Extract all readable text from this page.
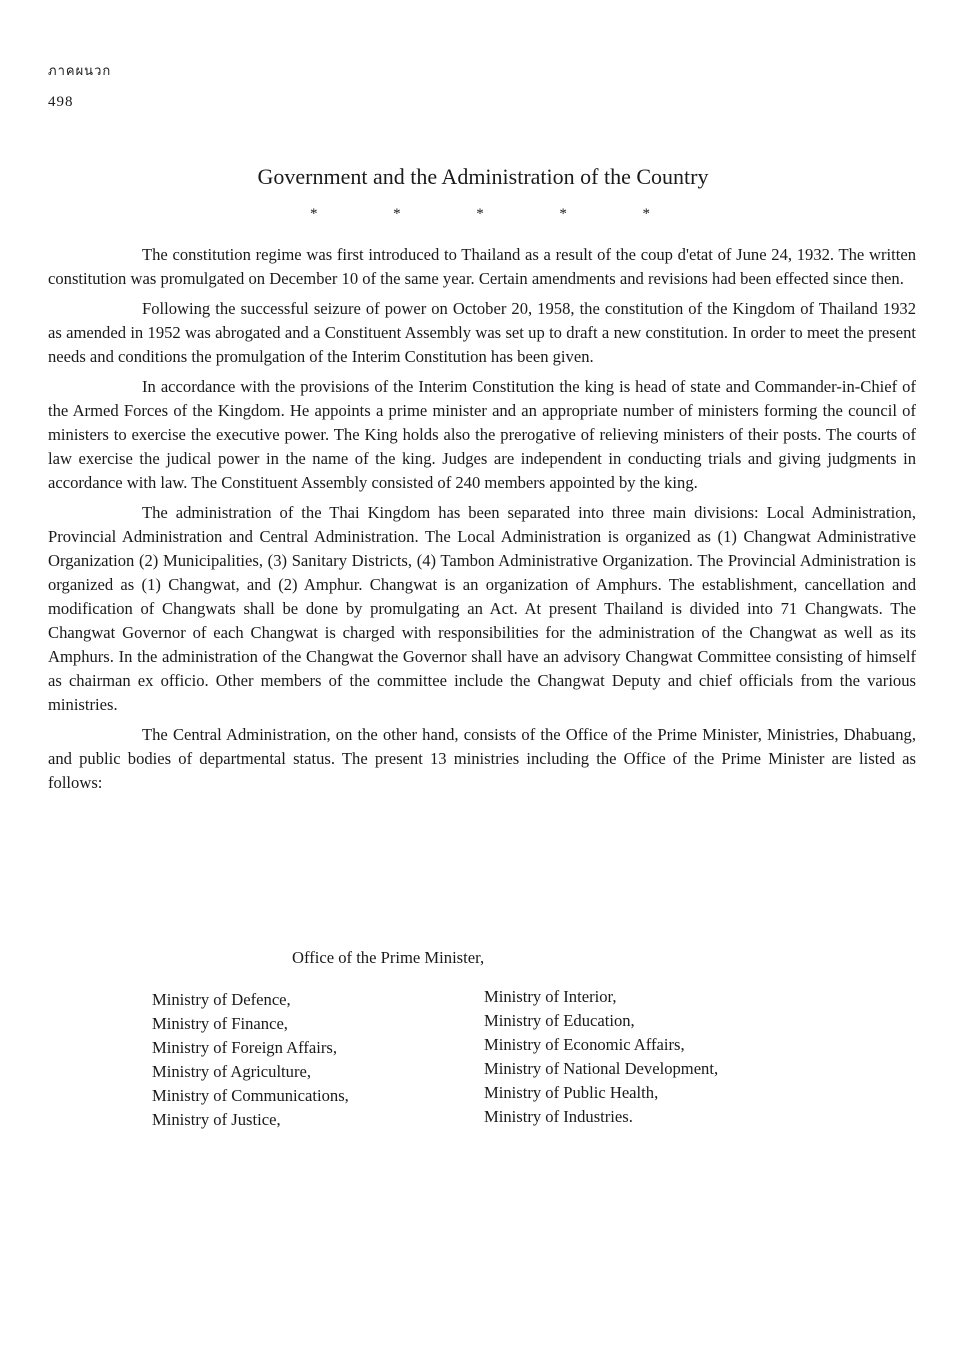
ภาคผนวก
498
Government and the Administration of the Country
*	*	*	*	*

The constitution regime was first introduced to Thailand as a result of the coup d'etat of June 24, 1932. The written constitution was promulgated on December 10 of the same year. Certain amendments and revisions had been effected since then.

Following the successful seizure of power on October 20, 1958, the constitution of the Kingdom of Thailand 1932 as amended in 1952 was abrogated and a Constituent Assembly was set up to draft a new constitution. In order to meet the present needs and conditions the promulgation of the Interim Constitution has been given.

In accordance with the provisions of the Interim Constitution the king is head of state and Commander-in-Chief of the Armed Forces of the Kingdom. He appoints a prime minister and an appropriate number of ministers forming the council of ministers to exercise the executive power. The King holds also the prerogative of relieving ministers of their posts. The courts of law exercise the judical power in the name of the king. Judges are independent in conducting trials and giving judgments in accordance with law. The Constituent Assembly consisted of 240 members appointed by the king.

The administration of the Thai Kingdom has been separated into three main divisions: Local Administration, Provincial Administration and Central Administration. The Local Administration is organized as (1) Changwat Administrative Organization (2) Municipalities, (3) Sanitary Districts, (4) Tambon Administrative Organization. The Provincial Administration is organized as (1) Changwat, and (2) Amphur. Changwat is an organization of Amphurs. The establishment, cancellation and modification of Changwats shall be done by promulgating an Act. At present Thailand is divided into 71 Changwats. The Changwat Governor of each Changwat is charged with responsibilities for the administration of the Changwat as well as its Amphurs. In the administration of the Changwat the Governor shall have an advisory Changwat Committee consisting of himself as chairman ex officio. Other members of the committee include the Changwat Deputy and chief officials from the various ministries.

The Central Administration, on the other hand, consists of the Office of the Prime Minister, Ministries, Dhabuang, and public bodies of departmental status. The present 13 ministries including the Office of the Prime Minister are listed as follows:

Office of the Prime Minister,
Ministry of Defence,
Ministry of Finance,
Ministry of Foreign Affairs,
Ministry of Agriculture,
Ministry of Communications,
Ministry of Justice,
Ministry of Interior,
Ministry of Education,
Ministry of Economic Affairs,
Ministry of National Development,
Ministry of Public Health,
Ministry of Industries.
